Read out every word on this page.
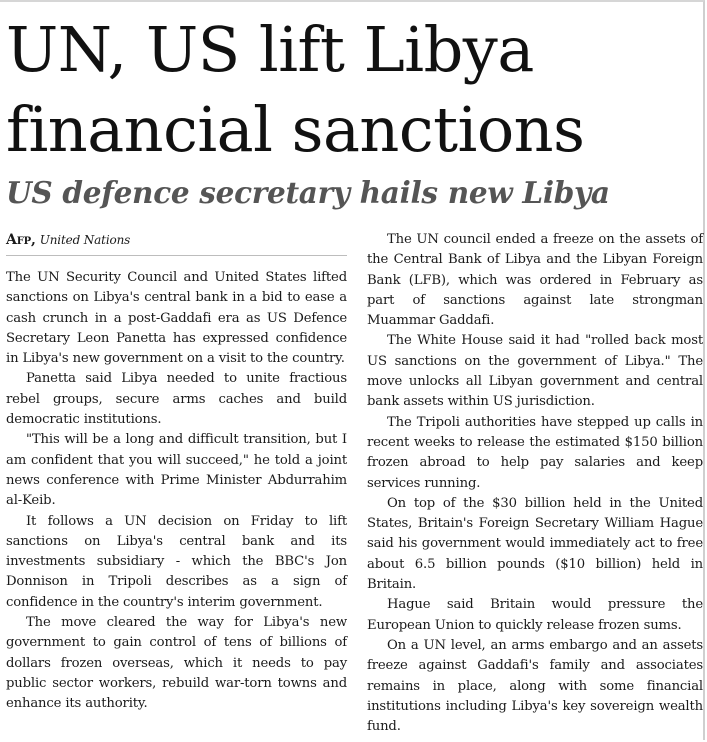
UN, US lift Libya financial sanctions
US defence secretary hails new Libya
Afp, United Nations

The UN Security Council and United States lifted sanctions on Libya's central bank in a bid to ease a cash crunch in a post-Gaddafi era as US Defence Secretary Leon Panetta has expressed confidence in Libya's new government on a visit to the country.

Panetta said Libya needed to unite fractious rebel groups, secure arms caches and build democratic institutions.

"This will be a long and difficult transition, but I am confident that you will succeed," he told a joint news conference with Prime Minister Abdurrahim al-Keib.

It follows a UN decision on Friday to lift sanctions on Libya's central bank and its investments subsidiary - which the BBC's Jon Donnison in Tripoli describes as a sign of confidence in the country's interim government.

The move cleared the way for Libya's new government to gain control of tens of billions of dollars frozen overseas, which it needs to pay public sector workers, rebuild war-torn towns and enhance its authority.

The UN council ended a freeze on the assets of the Central Bank of Libya and the Libyan Foreign Bank (LFB), which was ordered in February as part of sanctions against late strongman Muammar Gaddafi.

The White House said it had "rolled back most US sanctions on the government of Libya." The move unlocks all Libyan government and central bank assets within US jurisdiction.

The Tripoli authorities have stepped up calls in recent weeks to release the estimated $150 billion frozen abroad to help pay salaries and keep services running.

On top of the $30 billion held in the United States, Britain's Foreign Secretary William Hague said his government would immediately act to free about 6.5 billion pounds ($10 billion) held in Britain.

Hague said Britain would pressure the European Union to quickly release frozen sums.

On a UN level, an arms embargo and an assets freeze against Gaddafi's family and associates remains in place, along with some financial institutions including Libya's key sovereign wealth fund.
